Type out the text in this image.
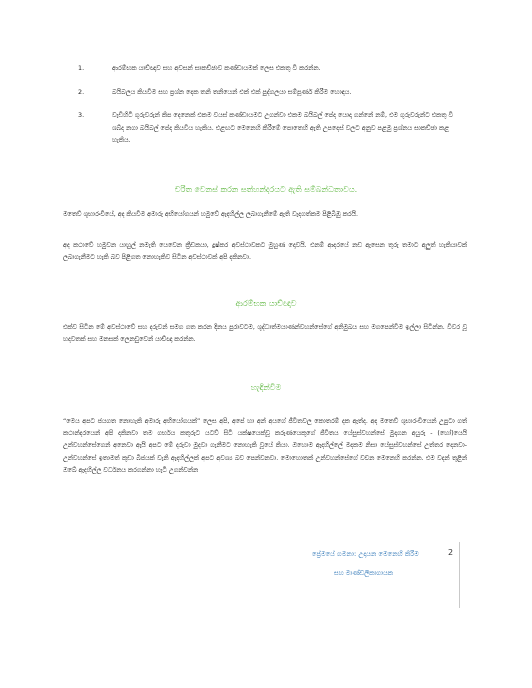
1.	ආරම්භක යාච්ඥාව සහ අවසන් සාකච්ඡාව කණ්ඩායමක් ලෙස එකතු වී කරන්න.
2.	බයිබලය කියවීම සහ ප්‍රශ්න දෙක තනි තනියෙන් එක් එක් පුද්ගලයා සම්පූර්ණ කිරීම හොඳය.
3.	වැඩිහිටි ගුරුවරුන් කිප දෙනෙක් එකම වයස් කණ්ඩායමට උගන්වා එකම බයිබල් පේද යොදා ගන්නේ නම්, එම ගුරුවරුන්ට එකතු වී ශබ්ද නගා බයිබල් පේද කියවිය හැකිය. එළඟට මෙනෙහි කිරීමේ පොතෙහි ඇති උපදෙස් වලට අනුව පළමු ප්‍රශ්නය සාකච්ඡා කළ හැකිය.
චරිත වෙනස් කරන සත්හන්දරයට ඇති සම්බන්ධතාවය.
මතෙව් ශුභාරංචියේ, අද කියවීම අමාරු අභියෝගයන් හමුවේ ඇදහිල්ල ලබාගැනීමේ ඇති වැදගත්කම පිළිබිඹු කරයි.
අද කථාවේ හමුවන යාහුල් නමැති යෙවෙන ක්‍රීඩකයා, දුෂ්කර අවස්ථාවකට මුහුණ දොවයි. එනම් ආදරයේ නඩ ඇසෙන තුරු තමාට අලුත් හැකියාවක් ලබාගැනීමට හැකි බව පිළිගත නොහැකිව සිටින අවස්ථාවක් අපි දකිනවා.
ආරම්භක යාච්ඥාව
එක්ව සිටින මේ අවස්ථාවේ සහ දරුවන් සමග ගත කරන දිනය පුරාවටම, ශුද්ධාත්මයාණන්වහන්සේගේ අනිමුඛය සහ මගපෙන්වීම ඉල්ලා සිටින්න. විවර වූ හදවතක් සහ මනසක් ලෙනඩුවෙන් යාච්ඥා කරන්න.
හැඳින්වීම
“මෙය අපට ජයගත නොහැකි අමාරු අභියෝගයක්” ලෙස අපි, අපේ හා අන් අයගේ ජීවිතවල කොතරම් දක ඇත්ද. අද මතෙව් ශුභාරංචියෙන් උපුටා ගත් කථාන්දරයෙන් අපි දකිනවා තම ගර්භය කතුරුට යටව් සිටි යක්ෂයෙක්වූ කරුණයෙකුගේ ජීවිතය යේසුස්වහන්සේ මුදාගන අයුරු - (හෝ)යෙයි උන්වහන්සේගෙන් අනෙවා ඇයි අපට මේ දරුවා මුදවා ගැනීමට නොහැකි වූයේ කියා. ඔහොම ඇදහිල්ලේ මදකම නිසා යේසුස්වහන්සේ උත්තර දෙනවා- උන්වහන්සේ ඉතාමත් කුඩා බීජයක් වැනි ඇදහිල්ලක් අපට අවශ්‍ය බව පෙන්වනවා. මොහොතක් උන්වහන්සේගේ වචන මෙනෙහි කරන්න. එම වදන් තුළින් ඔබේ ඇදහිල්ල වර්ධනය කරගන්නා හැටි උගන්වන්න
ප්‍රේමයේ ගමනා: උදායන මෙනෙහි කිරීම
සහ මාණ්ඩලිකාගායක
2
